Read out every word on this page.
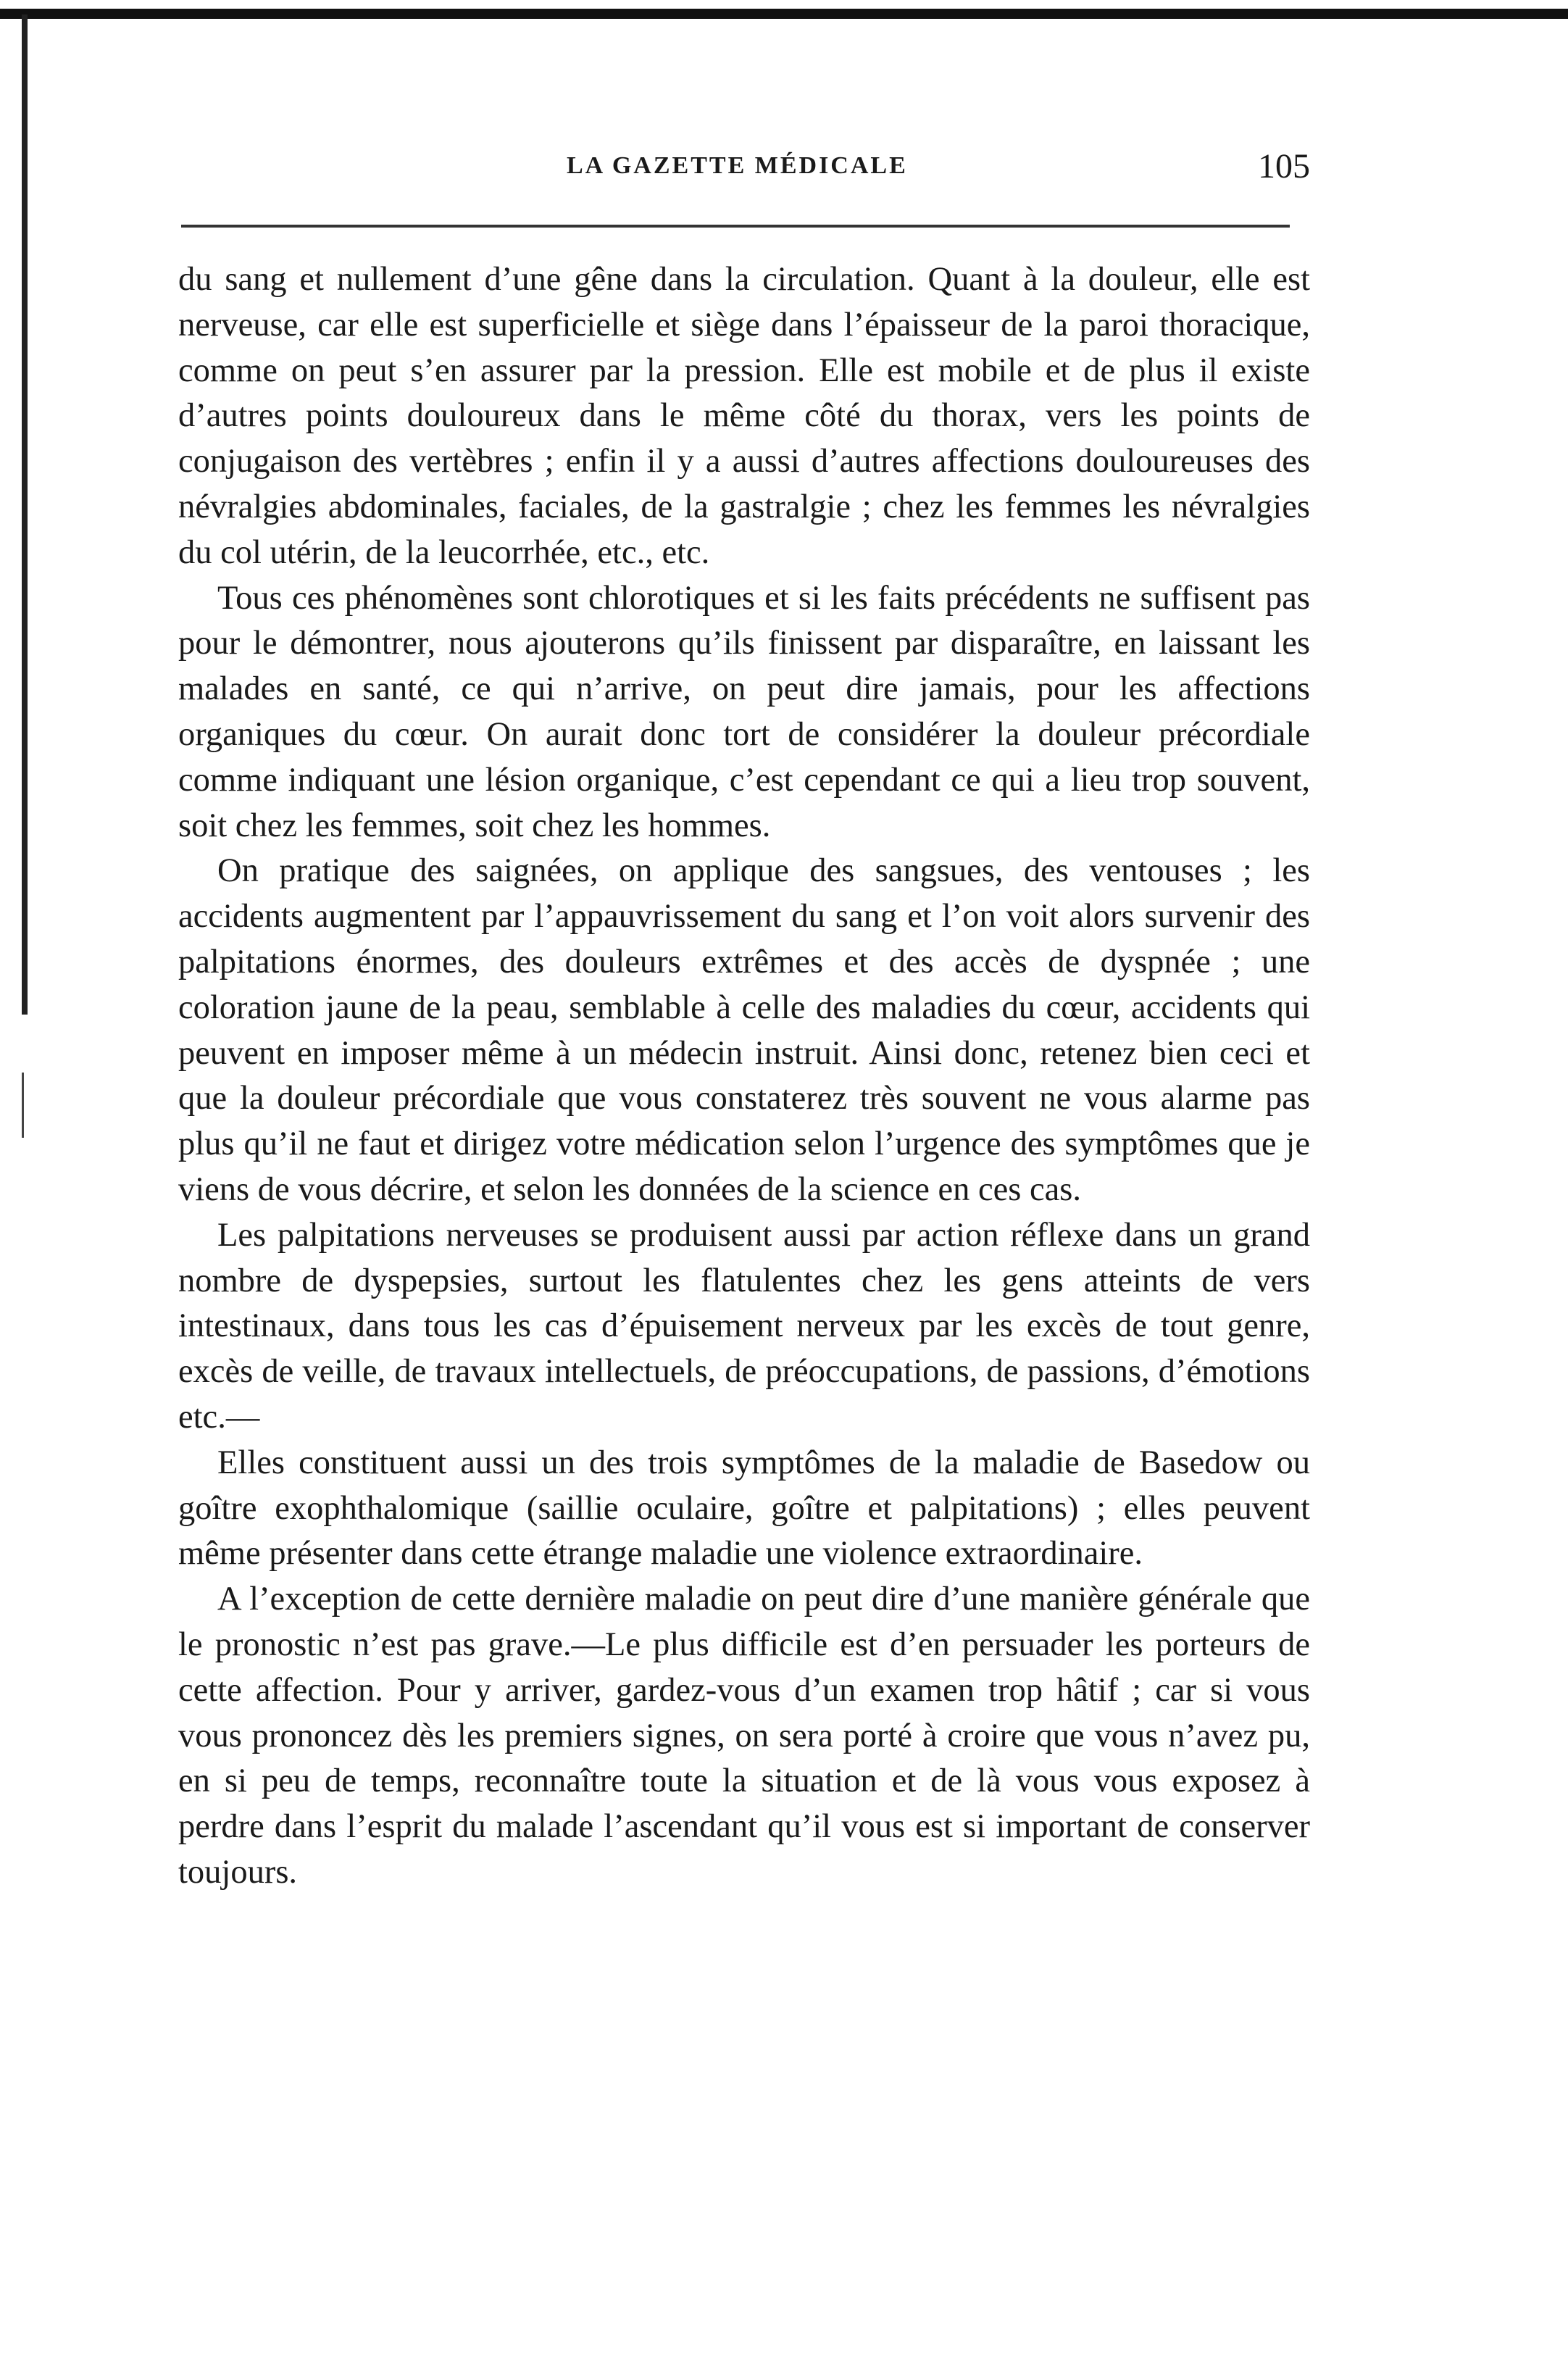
LA GAZETTE MÉDICALE	105

du sang et nullement d’une gêne dans la circulation. Quant à la douleur, elle est nerveuse, car elle est superficielle et siège dans l’épaisseur de la paroi thoracique, comme on peut s’en assurer par la pression. Elle est mobile et de plus il existe d’autres points douloureux dans le même côté du thorax, vers les points de conjugaison des vertèbres ; enfin il y a aussi d’autres affections douloureuses des névralgies abdominales, faciales, de la gastralgie ; chez les femmes les névralgies du col utérin, de la leucorrhée, etc., etc.

Tous ces phénomènes sont chlorotiques et si les faits précédents ne suffisent pas pour le démontrer, nous ajouterons qu’ils finissent par disparaître, en laissant les malades en santé, ce qui n’arrive, on peut dire jamais, pour les affections organiques du cœur. On aurait donc tort de considérer la douleur précordiale comme indiquant une lésion organique, c’est cependant ce qui a lieu trop souvent, soit chez les femmes, soit chez les hommes.

On pratique des saignées, on applique des sangsues, des ventouses ; les accidents augmentent par l’appauvrissement du sang et l’on voit alors survenir des palpitations énormes, des douleurs extrêmes et des accès de dyspnée ; une coloration jaune de la peau, semblable à celle des maladies du cœur, accidents qui peuvent en imposer même à un médecin instruit. Ainsi donc, retenez bien ceci et que la douleur précordiale que vous constaterez très souvent ne vous alarme pas plus qu’il ne faut et dirigez votre médication selon l’urgence des symptômes que je viens de vous décrire, et selon les données de la science en ces cas.

Les palpitations nerveuses se produisent aussi par action réflexe dans un grand nombre de dyspepsies, surtout les flatulentes chez les gens atteints de vers intestinaux, dans tous les cas d’épuisement nerveux par les excès de tout genre, excès de veille, de travaux intellectuels, de préoccupations, de passions, d’émotions etc.—

Elles constituent aussi un des trois symptômes de la maladie de Basedow ou goître exophthalomique (saillie oculaire, goître et palpitations) ; elles peuvent même présenter dans cette étrange maladie une violence extraordinaire.

A l’exception de cette dernière maladie on peut dire d’une manière générale que le pronostic n’est pas grave.—Le plus difficile est d’en persuader les porteurs de cette affection. Pour y arriver, gardez-vous d’un examen trop hâtif ; car si vous vous prononcez dès les premiers signes, on sera porté à croire que vous n’avez pu, en si peu de temps, reconnaître toute la situation et de là vous vous exposez à perdre dans l’esprit du malade l’ascendant qu’il vous est si important de conserver toujours.
